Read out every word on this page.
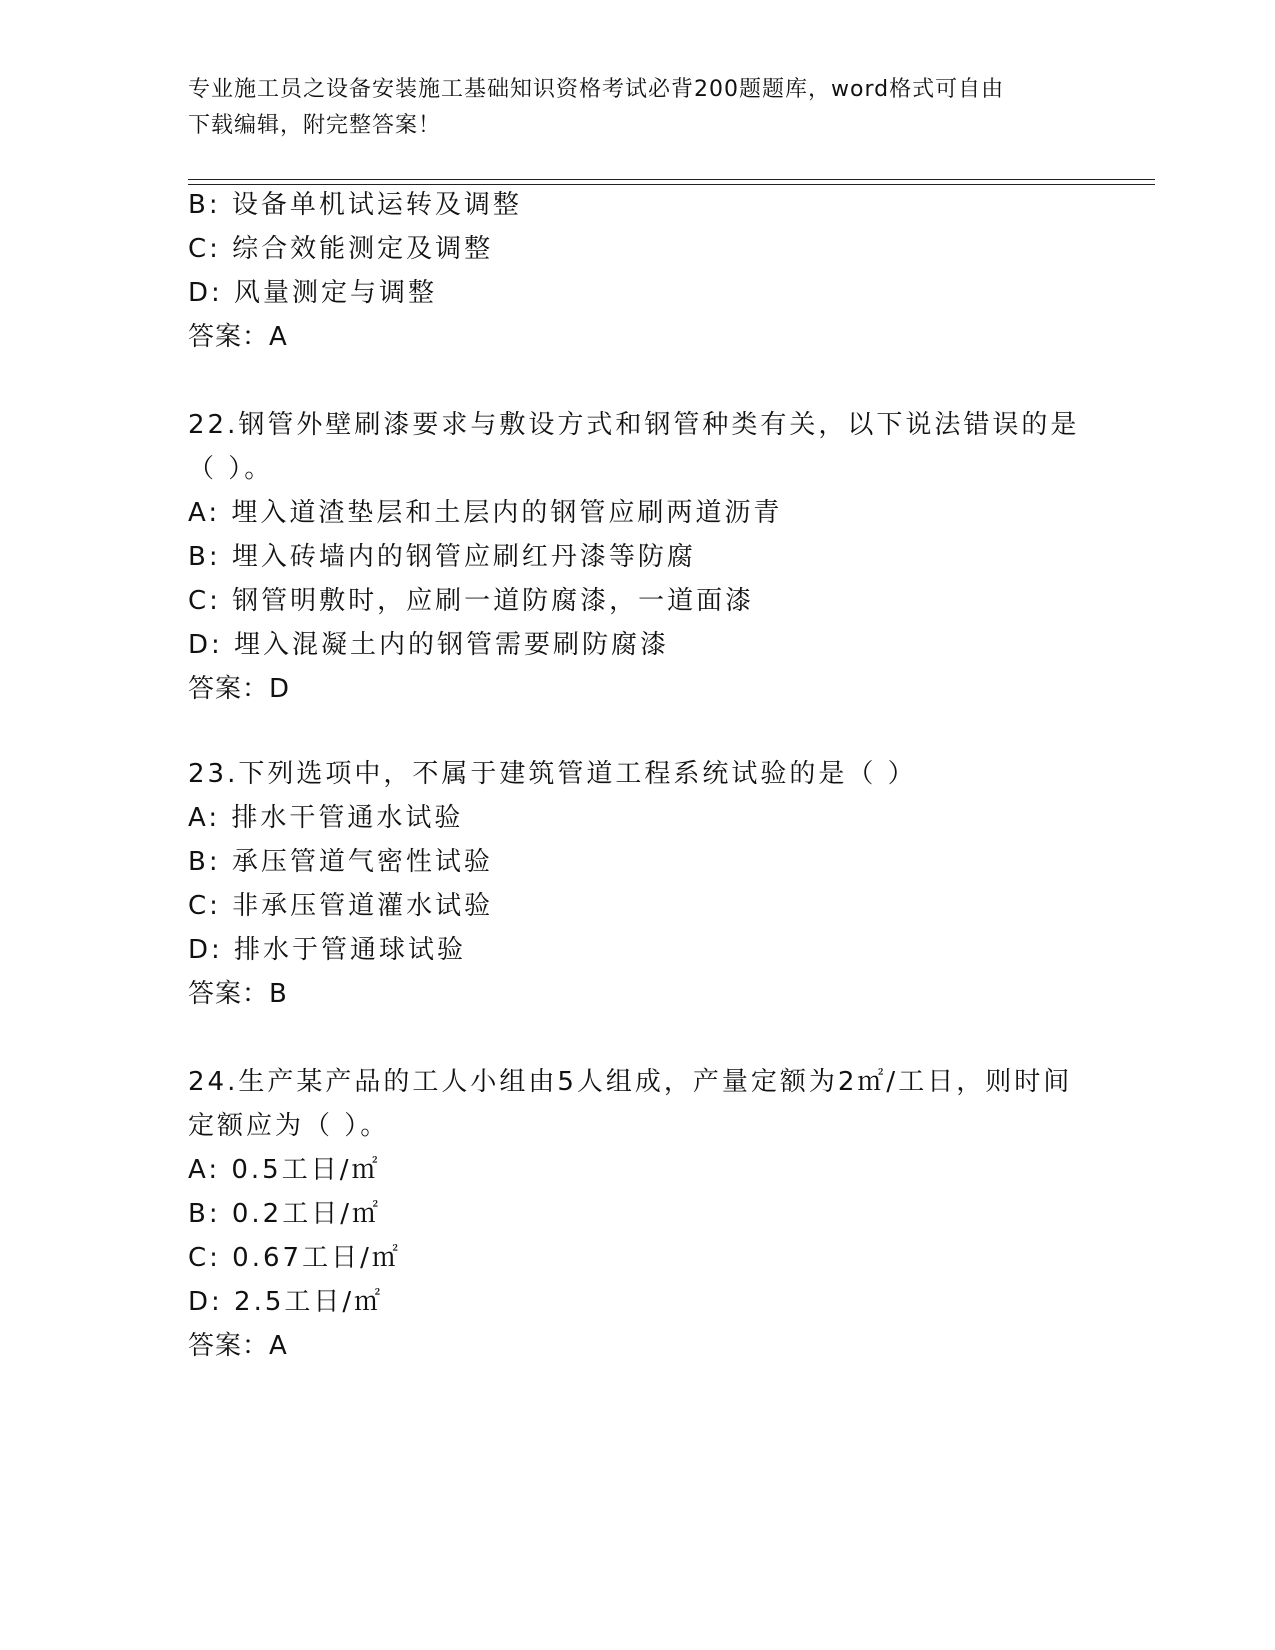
专业施工员之设备安装施工基础知识资格考试必背200题题库，word格式可自由
下载编辑，附完整答案！
B: 设备单机试运转及调整
C: 综合效能测定及调整
D: 风量测定与调整
答案：A
22.钢管外壁刷漆要求与敷设方式和钢管种类有关，以下说法错误的是
（ ）。
A: 埋入道渣垫层和土层内的钢管应刷两道沥青
B: 埋入砖墙内的钢管应刷红丹漆等防腐
C: 钢管明敷时，应刷一道防腐漆，一道面漆
D: 埋入混凝土内的钢管需要刷防腐漆
答案：D
23.下列选项中，不属于建筑管道工程系统试验的是（ ）
A: 排水干管通水试验
B: 承压管道气密性试验
C: 非承压管道灌水试验
D: 排水于管通球试验
答案：B
24.生产某产品的工人小组由5人组成，产量定额为2㎡/工日，则时间
定额应为（ ）。
A: 0.5工日/㎡
B: 0.2工日/㎡
C: 0.67工日/㎡
D: 2.5工日/㎡
答案：A
